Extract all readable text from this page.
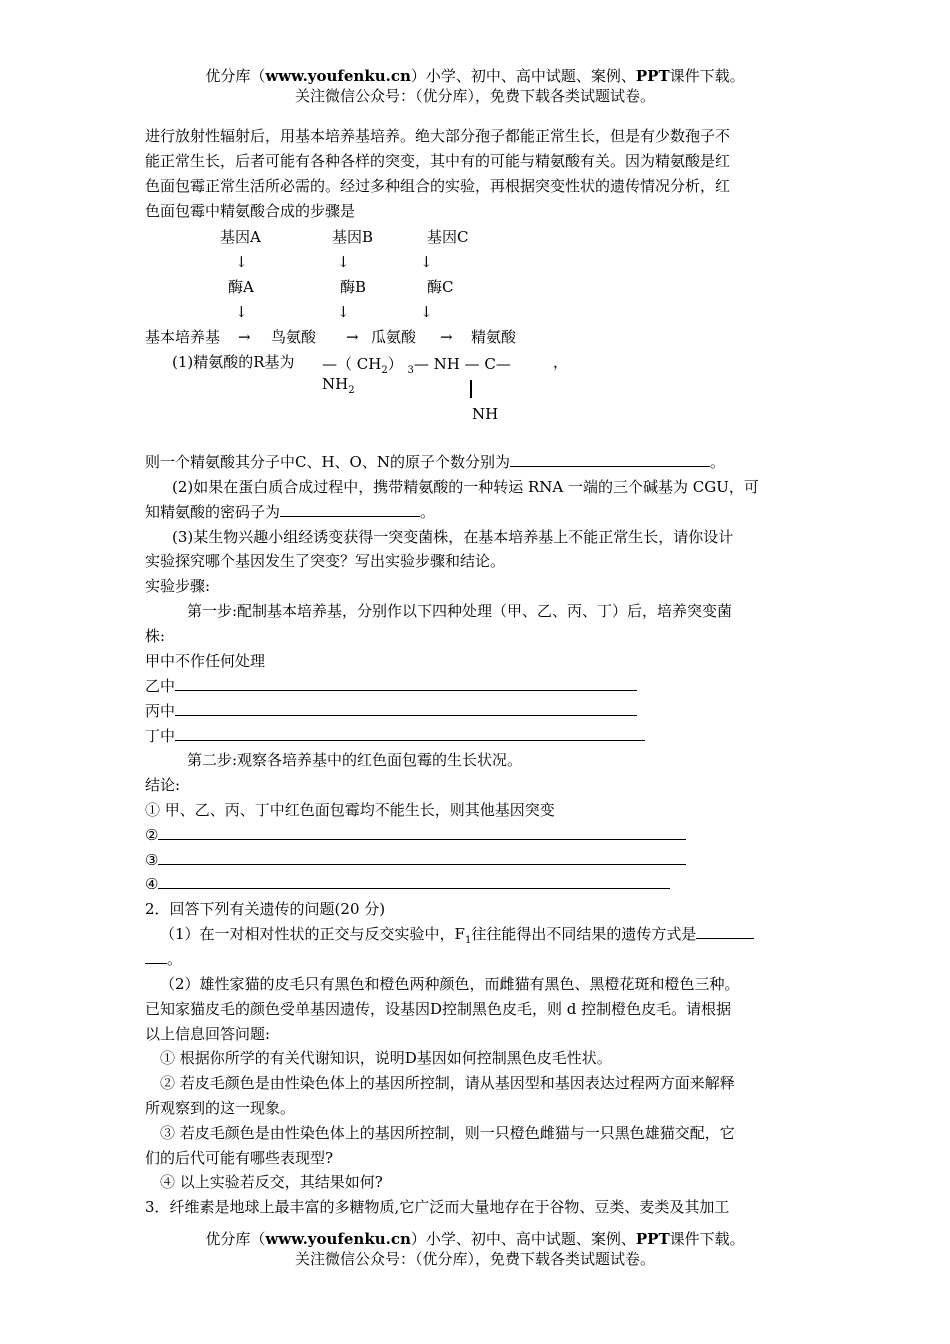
优分库（www.youfenku.cn）小学、初中、高中试题、案例、PPT课件下载。
关注微信公众号：（优分库），免费下载各类试题试卷。
进行放射性辐射后，用基本培养基培养。绝大部分孢子都能正常生长，但是有少数孢子不
能正常生长，后者可能有各种各样的突变，其中有的可能与精氨酸有关。因为精氨酸是红
色面包霉正常生活所必需的。经过多种组合的实验，再根据突变性状的遗传情况分析，红
色面包霉中精氨酸合成的步骤是
基因A	基因B	基因C
↓	↓	↓
酶A	酶B	酶C
↓	↓	↓
基本培养基 → 鸟氨酸 → 瓜氨酸 → 精氨酸
(1)精氨酸的R基为 —（ $CH_2$） $_3$— NH — C—	，
$NH_2$
NH
则一个精氨酸其分子中C、H、O、N的原子个数分别为	。
(2)如果在蛋白质合成过程中，携带精氨酸的一种转运 RNA 一端的三个碱基为 CGU，可
知精氨酸的密码子为	。
(3)某生物兴趣小组经诱变获得一突变菌株，在基本培养基上不能正常生长，请你设计
实验探究哪个基因发生了突变？写出实验步骤和结论。
实验步骤:
第一步:配制基本培养基，分别作以下四种处理（甲、乙、丙、丁）后，培养突变菌
株:
甲中不作任何处理
乙中
丙中
丁中
第二步:观察各培养基中的红色面包霉的生长状况。
结论:
① 甲、乙、丙、丁中红色面包霉均不能生长，则其他基因突变
②
③
④
2．回答下列有关遗传的问题(20 分)
（1）在一对相对性状的正交与反交实验中，$F_1$往往能得出不同结果的遗传方式是
。
（2）雄性家猫的皮毛只有黑色和橙色两种颜色，而雌猫有黑色、黑橙花斑和橙色三种。
已知家猫皮毛的颜色受单基因遗传，设基因D控制黑色皮毛，则 d 控制橙色皮毛。请根据
以上信息回答问题:
① 根据你所学的有关代谢知识，说明D基因如何控制黑色皮毛性状。
② 若皮毛颜色是由性染色体上的基因所控制，请从基因型和基因表达过程两方面来解释
所观察到的这一现象。
③ 若皮毛颜色是由性染色体上的基因所控制，则一只橙色雌猫与一只黑色雄猫交配，它
们的后代可能有哪些表现型?
④ 以上实验若反交，其结果如何?
3．纤维素是地球上最丰富的多糖物质,它广泛而大量地存在于谷物、豆类、麦类及其加工
优分库（www.youfenku.cn）小学、初中、高中试题、案例、PPT课件下载。
关注微信公众号：（优分库），免费下载各类试题试卷。
